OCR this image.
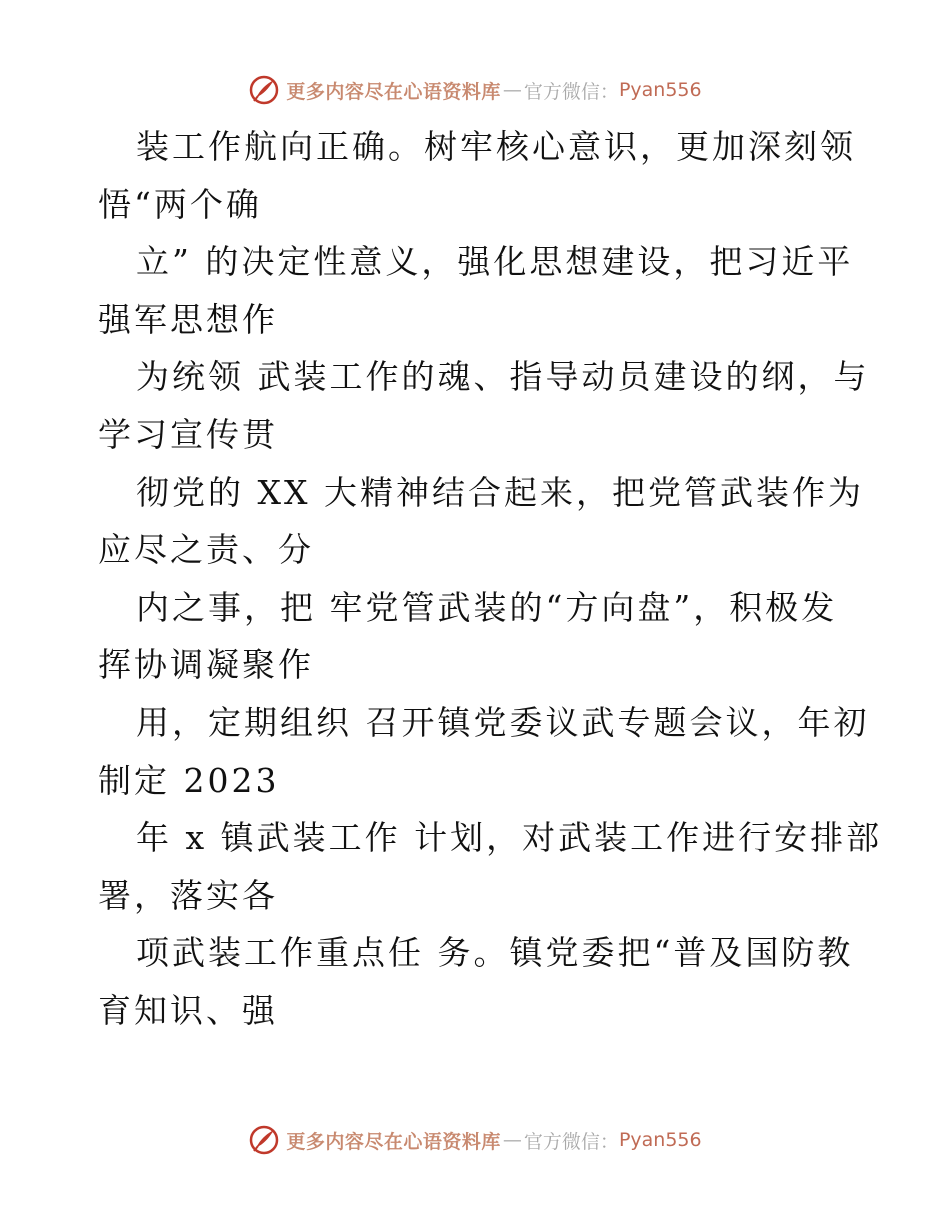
更多内容尽在心语资料库 — 官方微信： Pyan556
装工作航向正确。树牢核心意识，更加深刻领
悟“两个确
立” 的决定性意义，强化思想建设，把习近平
强军思想作
为统领 武装工作的魂、指导动员建设的纲，与
学习宣传贯
彻党的 XX 大精神结合起来，把党管武装作为
应尽之责、分
内之事，把 牢党管武装的“方向盘”，积极发
挥协调凝聚作
用，定期组织 召开镇党委议武专题会议，年初
制定 2023
年 x 镇武装工作 计划，对武装工作进行安排部
署，落实各
项武装工作重点任 务。镇党委把“普及国防教
育知识、强
更多内容尽在心语资料库 — 官方微信： Pyan556
